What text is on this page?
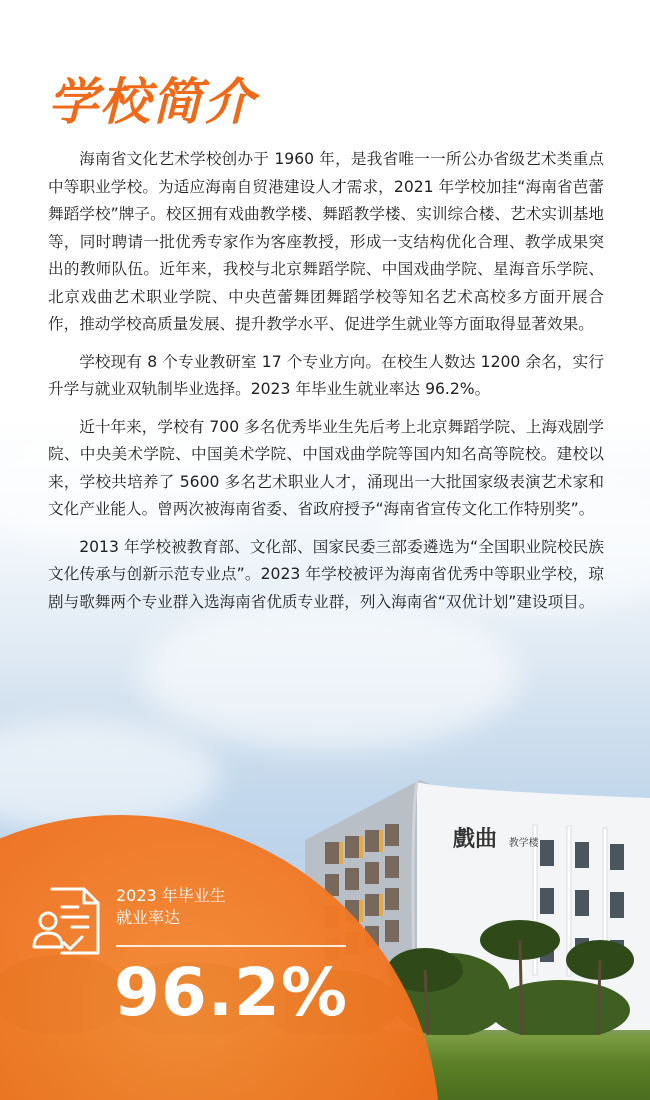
学校简介

海南省文化艺术学校创办于 1960 年，是我省唯一一所公办省级艺术类重点中等职业学校。为适应海南自贸港建设人才需求，2021 年学校加挂“海南省芭蕾舞蹈学校”牌子。校区拥有戏曲教学楼、舞蹈教学楼、实训综合楼、艺术实训基地等，同时聘请一批优秀专家作为客座教授，形成一支结构优化合理、教学成果突出的教师队伍。近年来，我校与北京舞蹈学院、中国戏曲学院、星海音乐学院、北京戏曲艺术职业学院、中央芭蕾舞团舞蹈学校等知名艺术高校多方面开展合作，推动学校高质量发展、提升教学水平、促进学生就业等方面取得显著效果。

学校现有 8 个专业教研室 17 个专业方向。在校生人数达 1200 余名，实行升学与就业双轨制毕业选择。2023 年毕业生就业率达 96.2%。

近十年来，学校有 700 多名优秀毕业生先后考上北京舞蹈学院、上海戏剧学院、中央美术学院、中国美术学院、中国戏曲学院等国内知名高等院校。建校以来，学校共培养了 5600 多名艺术职业人才，涌现出一大批国家级表演艺术家和文化产业能人。曾两次被海南省委、省政府授予“海南省宣传文化工作特别奖”。

2013 年学校被教育部、文化部、国家民委三部委遴选为“全国职业院校民族文化传承与创新示范专业点”。2023 年学校被评为海南省优秀中等职业学校，琼剧与歌舞两个专业群入选海南省优质专业群，列入海南省“双优计划”建设项目。

戲曲 教学楼
2023 年毕业生
就业率达
96.2%
